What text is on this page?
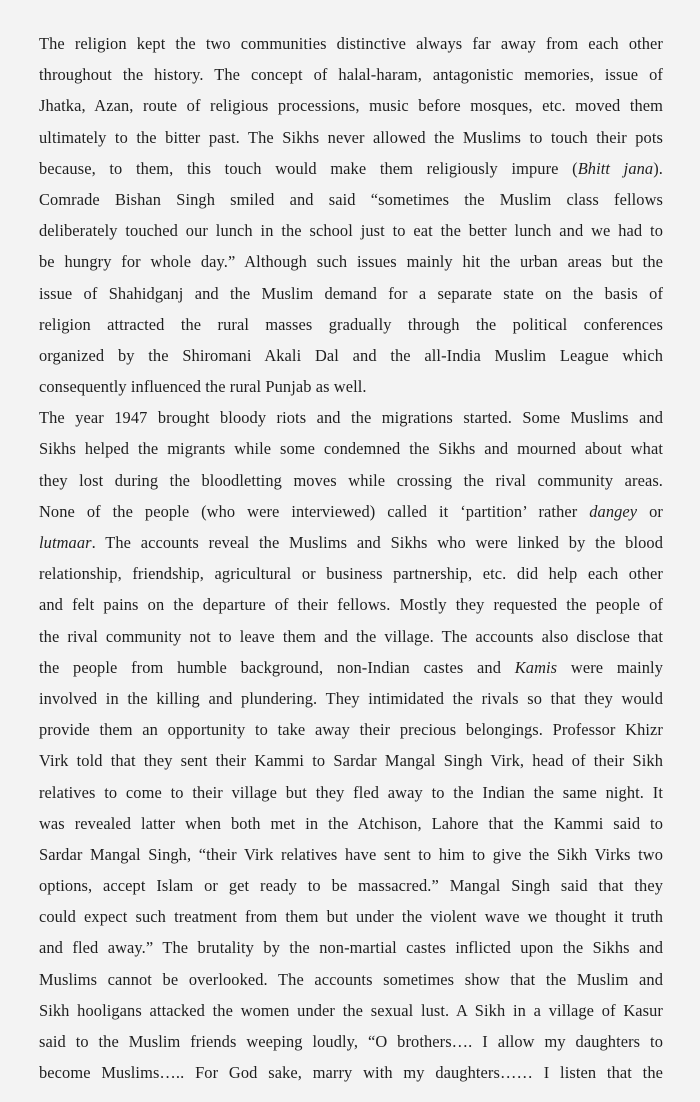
The religion kept the two communities distinctive always far away from each other
throughout the history. The concept of halal-haram, antagonistic memories, issue of
Jhatka, Azan, route of religious processions, music before mosques, etc. moved them
ultimately to the bitter past. The Sikhs never allowed the Muslims to touch their pots
because, to them, this touch would make them religiously impure (Bhitt jana).
Comrade Bishan Singh smiled and said “sometimes the Muslim class fellows
deliberately touched our lunch in the school just to eat the better lunch and we had to
be hungry for whole day.” Although such issues mainly hit the urban areas but the
issue of Shahidganj and the Muslim demand for a separate state on the basis of
religion attracted the rural masses gradually through the political conferences
organized by the Shiromani Akali Dal and the all-India Muslim League which
consequently influenced the rural Punjab as well.
The year 1947 brought bloody riots and the migrations started. Some Muslims and
Sikhs helped the migrants while some condemned the Sikhs and mourned about what
they lost during the bloodletting moves while crossing the rival community areas.
None of the people (who were interviewed) called it ‘partition’ rather dangey or
lutmaar. The accounts reveal the Muslims and Sikhs who were linked by the blood
relationship, friendship, agricultural or business partnership, etc. did help each other
and felt pains on the departure of their fellows. Mostly they requested the people of
the rival community not to leave them and the village. The accounts also disclose that
the people from humble background, non-Indian castes and Kamis were mainly
involved in the killing and plundering. They intimidated the rivals so that they would
provide them an opportunity to take away their precious belongings. Professor Khizr
Virk told that they sent their Kammi to Sardar Mangal Singh Virk, head of their Sikh
relatives to come to their village but they fled away to the Indian the same night. It
was revealed latter when both met in the Atchison, Lahore that the Kammi said to
Sardar Mangal Singh, “their Virk relatives have sent to him to give the Sikh Virks two
options, accept Islam or get ready to be massacred.” Mangal Singh said that they
could expect such treatment from them but under the violent wave we thought it truth
and fled away.” The brutality by the non-martial castes inflicted upon the Sikhs and
Muslims cannot be overlooked. The accounts sometimes show that the Muslim and
Sikh hooligans attacked the women under the sexual lust. A Sikh in a village of Kasur
said to the Muslim friends weeping loudly, “O brothers…. I allow my daughters to
become Muslims….. For God sake, marry with my daughters…… I listen that the
